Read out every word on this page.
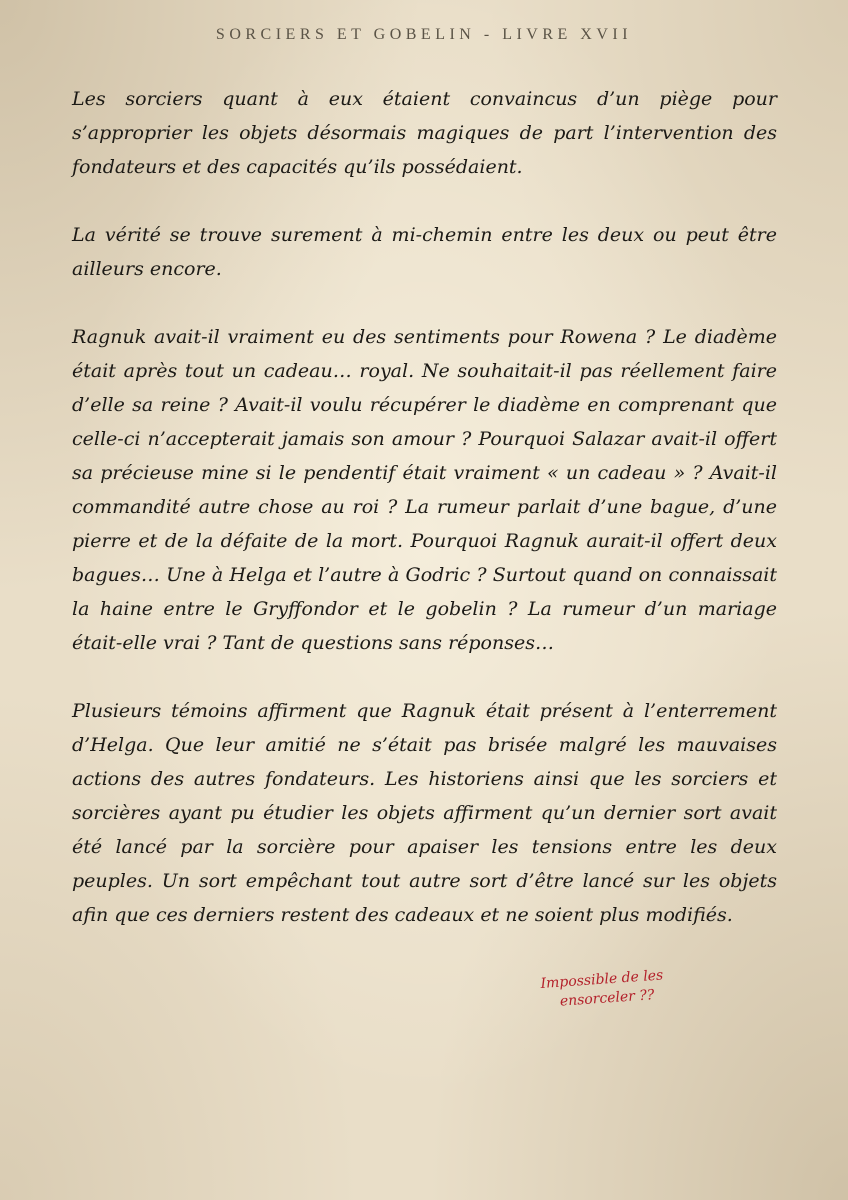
SORCIERS ET GOBELIN - LIVRE XVII

Les sorciers quant à eux étaient convaincus d’un piège pour s’approprier les objets désormais magiques de part l’intervention des fondateurs et des capacités qu’ils possédaient.

La vérité se trouve surement à mi-chemin entre les deux ou peut être ailleurs encore.

Ragnuk avait-il vraiment eu des sentiments pour Rowena ? Le diadème était après tout un cadeau… royal. Ne souhaitait-il pas réellement faire d’elle sa reine ? Avait-il voulu récupérer le diadème en comprenant que celle-ci n’accepterait jamais son amour ? Pourquoi Salazar avait-il offert sa précieuse mine si le pendentif était vraiment « un cadeau » ? Avait-il commandité autre chose au roi ? La rumeur parlait d’une bague, d’une pierre et de la défaite de la mort. Pourquoi Ragnuk aurait-il offert deux bagues… Une à Helga et l’autre à Godric ? Surtout quand on connaissait la haine entre le Gryffondor et le gobelin ? La rumeur d’un mariage était-elle vrai ? Tant de questions sans réponses…

Plusieurs témoins affirment que Ragnuk était présent à l’enterrement d’Helga. Que leur amitié ne s’était pas brisée malgré les mauvaises actions des autres fondateurs. Les historiens ainsi que les sorciers et sorcières ayant pu étudier les objets affirment qu’un dernier sort avait été lancé par la sorcière pour apaiser les tensions entre les deux peuples. Un sort empêchant tout autre sort d’être lancé sur les objets afin que ces derniers restent des cadeaux et ne soient plus modifiés.

Impossible de les
ensorceler ??
